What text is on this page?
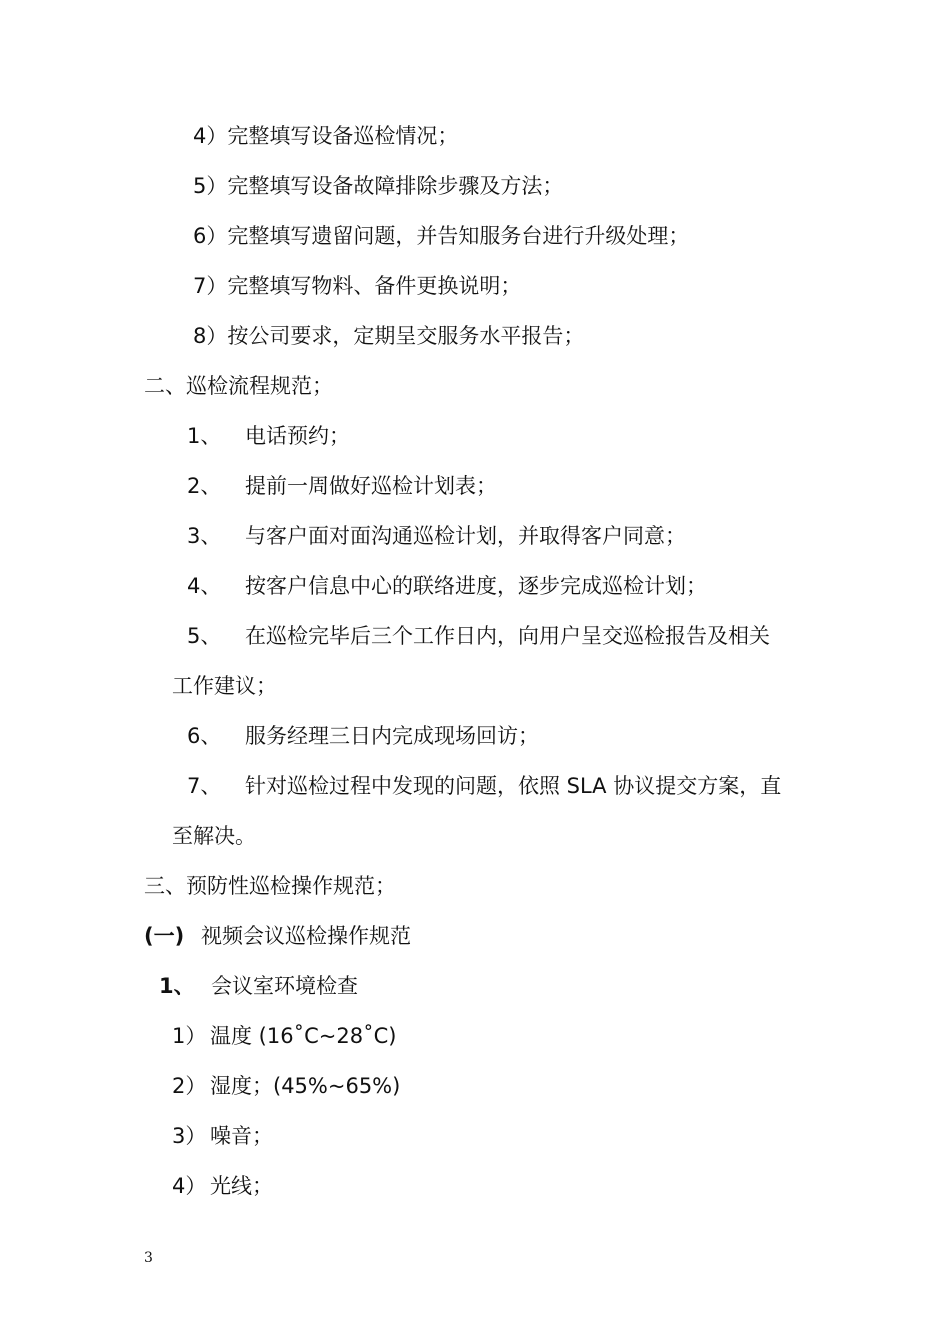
4）完整填写设备巡检情况；
5）完整填写设备故障排除步骤及方法；
6）完整填写遗留问题，并告知服务台进行升级处理；
7）完整填写物料、备件更换说明；
8）按公司要求，定期呈交服务水平报告；
二、巡检流程规范；
1、 电话预约；
2、 提前一周做好巡检计划表；
3、 与客户面对面沟通巡检计划，并取得客户同意；
4、 按客户信息中心的联络进度，逐步完成巡检计划；
5、 在巡检完毕后三个工作日内，向用户呈交巡检报告及相关
工作建议；
6、 服务经理三日内完成现场回访；
7、 针对巡检过程中发现的问题，依照 SLA 协议提交方案，直
至解决。
三、预防性巡检操作规范；
(一) 视频会议巡检操作规范
1、 会议室环境检查
1） 温度 (16˚C~28˚C)
2） 湿度；(45%~65%)
3） 噪音；
4） 光线；
3
